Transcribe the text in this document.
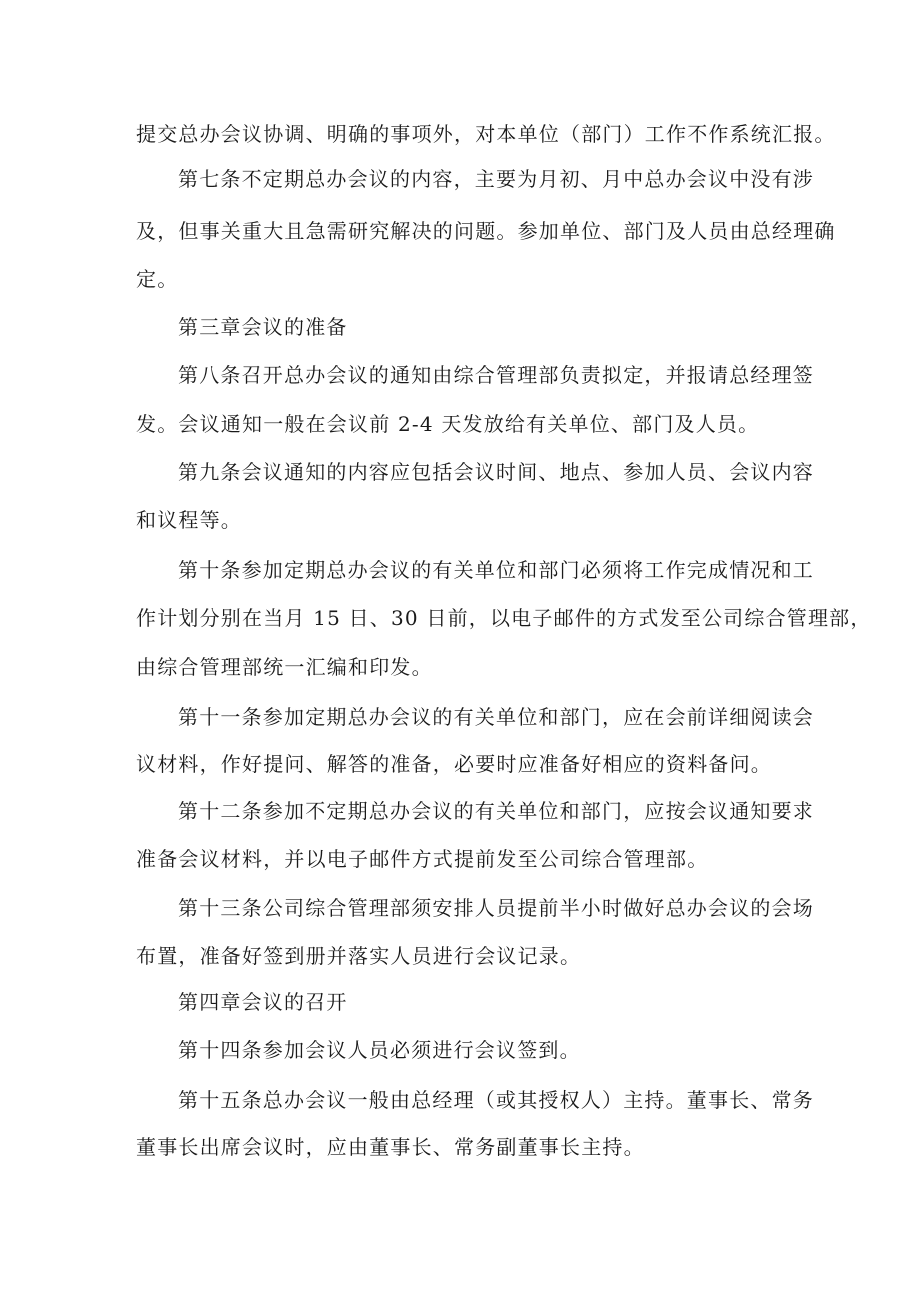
提交总办会议协调、明确的事项外，对本单位（部门）工作不作系统汇报。
第七条不定期总办会议的内容，主要为月初、月中总办会议中没有涉
及，但事关重大且急需研究解决的问题。参加单位、部门及人员由总经理确
定。
第三章会议的准备
第八条召开总办会议的通知由综合管理部负责拟定，并报请总经理签
发。会议通知一般在会议前 2-4 天发放给有关单位、部门及人员。
第九条会议通知的内容应包括会议时间、地点、参加人员、会议内容
和议程等。
第十条参加定期总办会议的有关单位和部门必须将工作完成情况和工
作计划分别在当月 15 日、30 日前，以电子邮件的方式发至公司综合管理部，
由综合管理部统一汇编和印发。
第十一条参加定期总办会议的有关单位和部门，应在会前详细阅读会
议材料，作好提问、解答的准备，必要时应准备好相应的资料备问。
第十二条参加不定期总办会议的有关单位和部门，应按会议通知要求
准备会议材料，并以电子邮件方式提前发至公司综合管理部。
第十三条公司综合管理部须安排人员提前半小时做好总办会议的会场
布置，准备好签到册并落实人员进行会议记录。
第四章会议的召开
第十四条参加会议人员必须进行会议签到。
第十五条总办会议一般由总经理（或其授权人）主持。董事长、常务
董事长出席会议时，应由董事长、常务副董事长主持。
